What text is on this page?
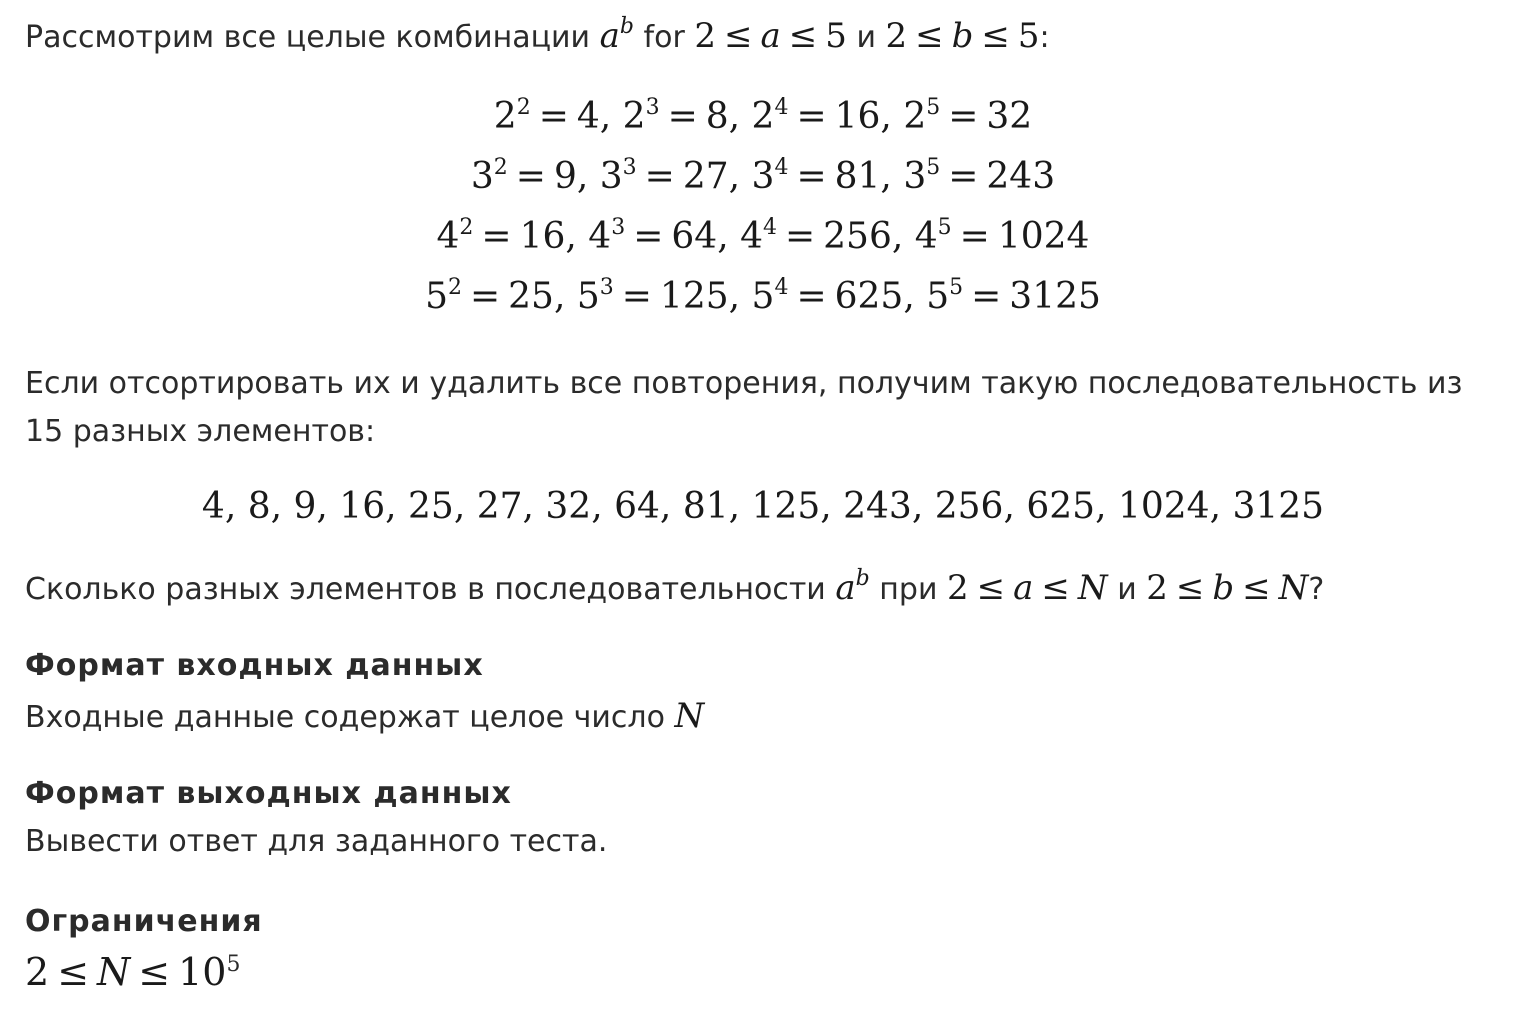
Рассмотрим все целые комбинации $a^b$ for 2 ≤ a ≤ 5 и 2 ≤ b ≤ 5:
$2^2 = 4$, $2^3 = 8$, $2^4 = 16$, $2^5 = 32$
$3^2 = 9$, $3^3 = 27$, $3^4 = 81$, $3^5 = 243$
$4^2 = 16$, $4^3 = 64$, $4^4 = 256$, $4^5 = 1024$
$5^2 = 25$, $5^3 = 125$, $5^4 = 625$, $5^5 = 3125$
Если отсортировать их и удалить все повторения, получим такую последовательность из 15 разных элементов:
4, 8, 9, 16, 25, 27, 32, 64, 81, 125, 243, 256, 625, 1024, 3125
Сколько разных элементов в последовательности $a^b$ при 2 ≤ a ≤ N и 2 ≤ b ≤ N?
Формат входных данных
Входные данные содержат целое число N
Формат выходных данных
Вывести ответ для заданного теста.
Ограничения
$2 \le N \le 10^5$
